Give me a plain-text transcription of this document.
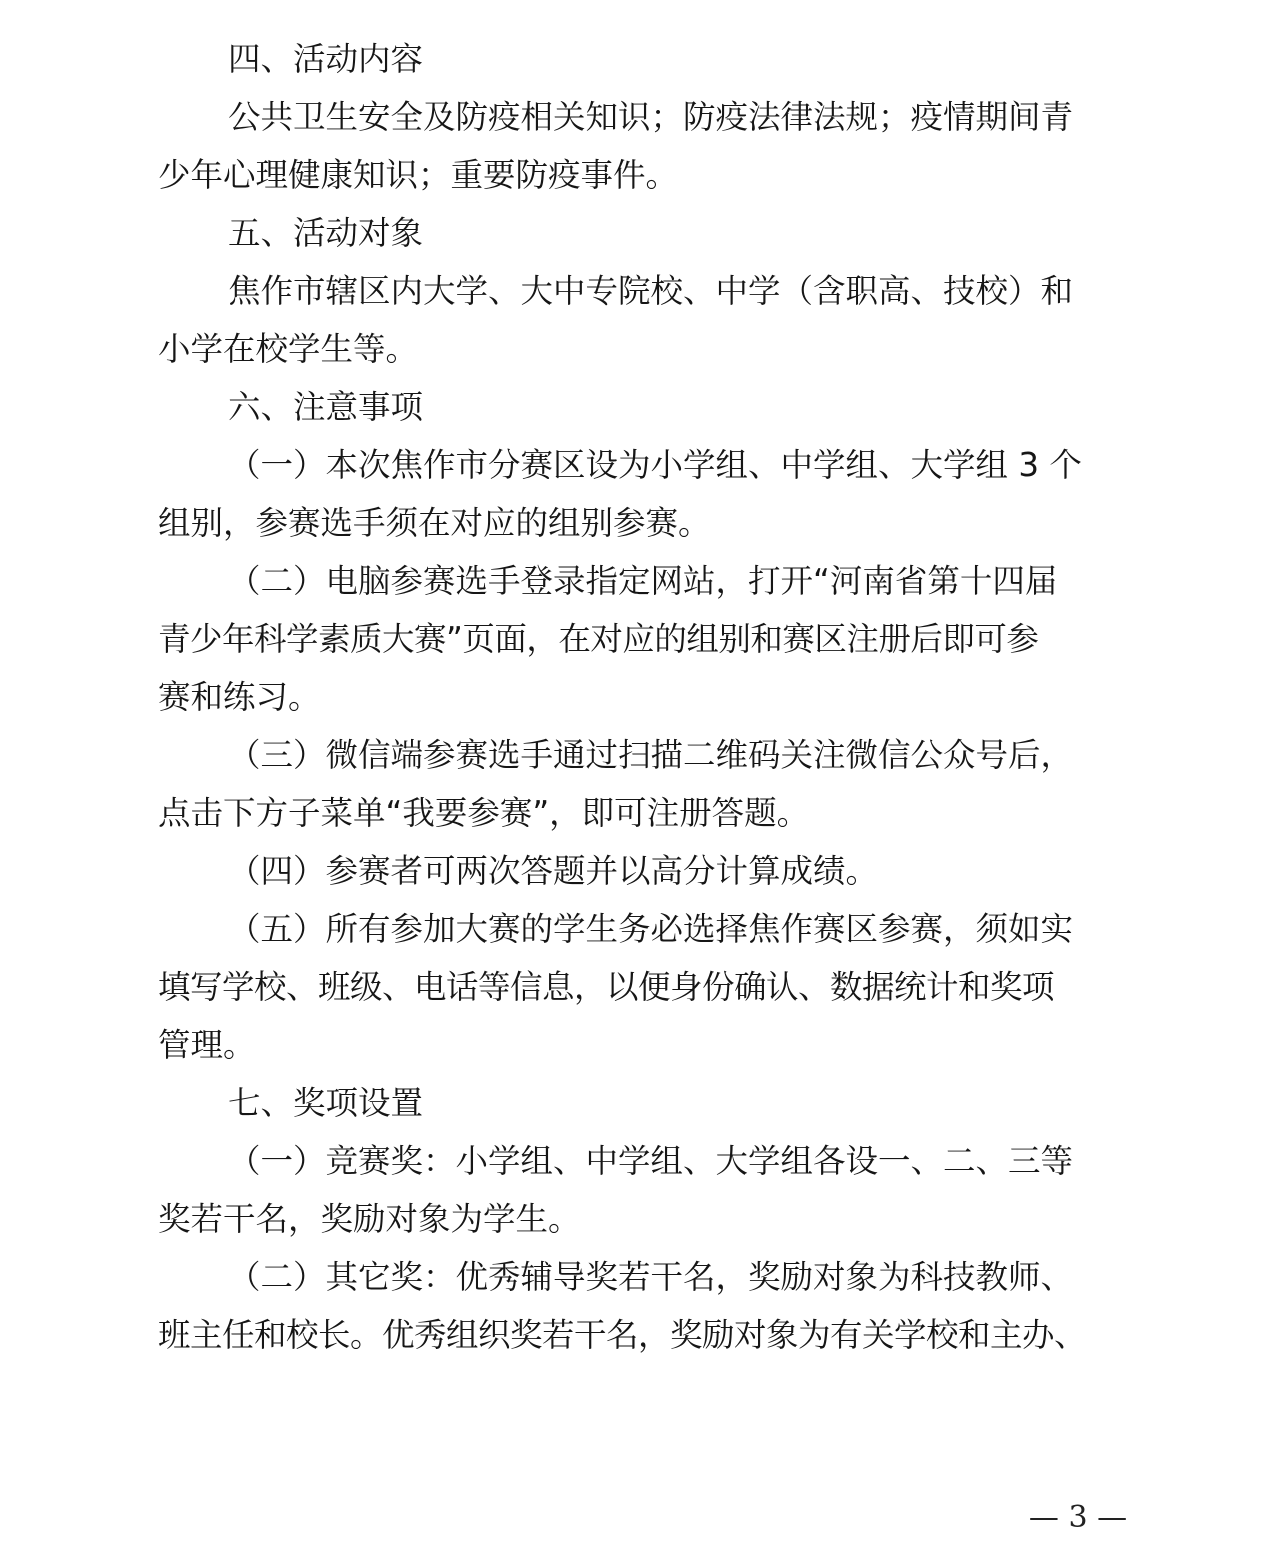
四、活动内容
公共卫生安全及防疫相关知识；防疫法律法规；疫情期间青
少年心理健康知识；重要防疫事件。
五、活动对象
焦作市辖区内大学、大中专院校、中学（含职高、技校）和
小学在校学生等。
六、注意事项
（一）本次焦作市分赛区设为小学组、中学组、大学组 3 个
组别，参赛选手须在对应的组别参赛。
（二）电脑参赛选手登录指定网站，打开“河南省第十四届
青少年科学素质大赛”页面，在对应的组别和赛区注册后即可参
赛和练习。
（三）微信端参赛选手通过扫描二维码关注微信公众号后，
点击下方子菜单“我要参赛”，即可注册答题。
（四）参赛者可两次答题并以高分计算成绩。
（五）所有参加大赛的学生务必选择焦作赛区参赛，须如实
填写学校、班级、电话等信息，以便身份确认、数据统计和奖项
管理。
七、奖项设置
（一）竞赛奖：小学组、中学组、大学组各设一、二、三等
奖若干名，奖励对象为学生。
（二）其它奖：优秀辅导奖若干名，奖励对象为科技教师、
班主任和校长。优秀组织奖若干名，奖励对象为有关学校和主办、
— 3 —
